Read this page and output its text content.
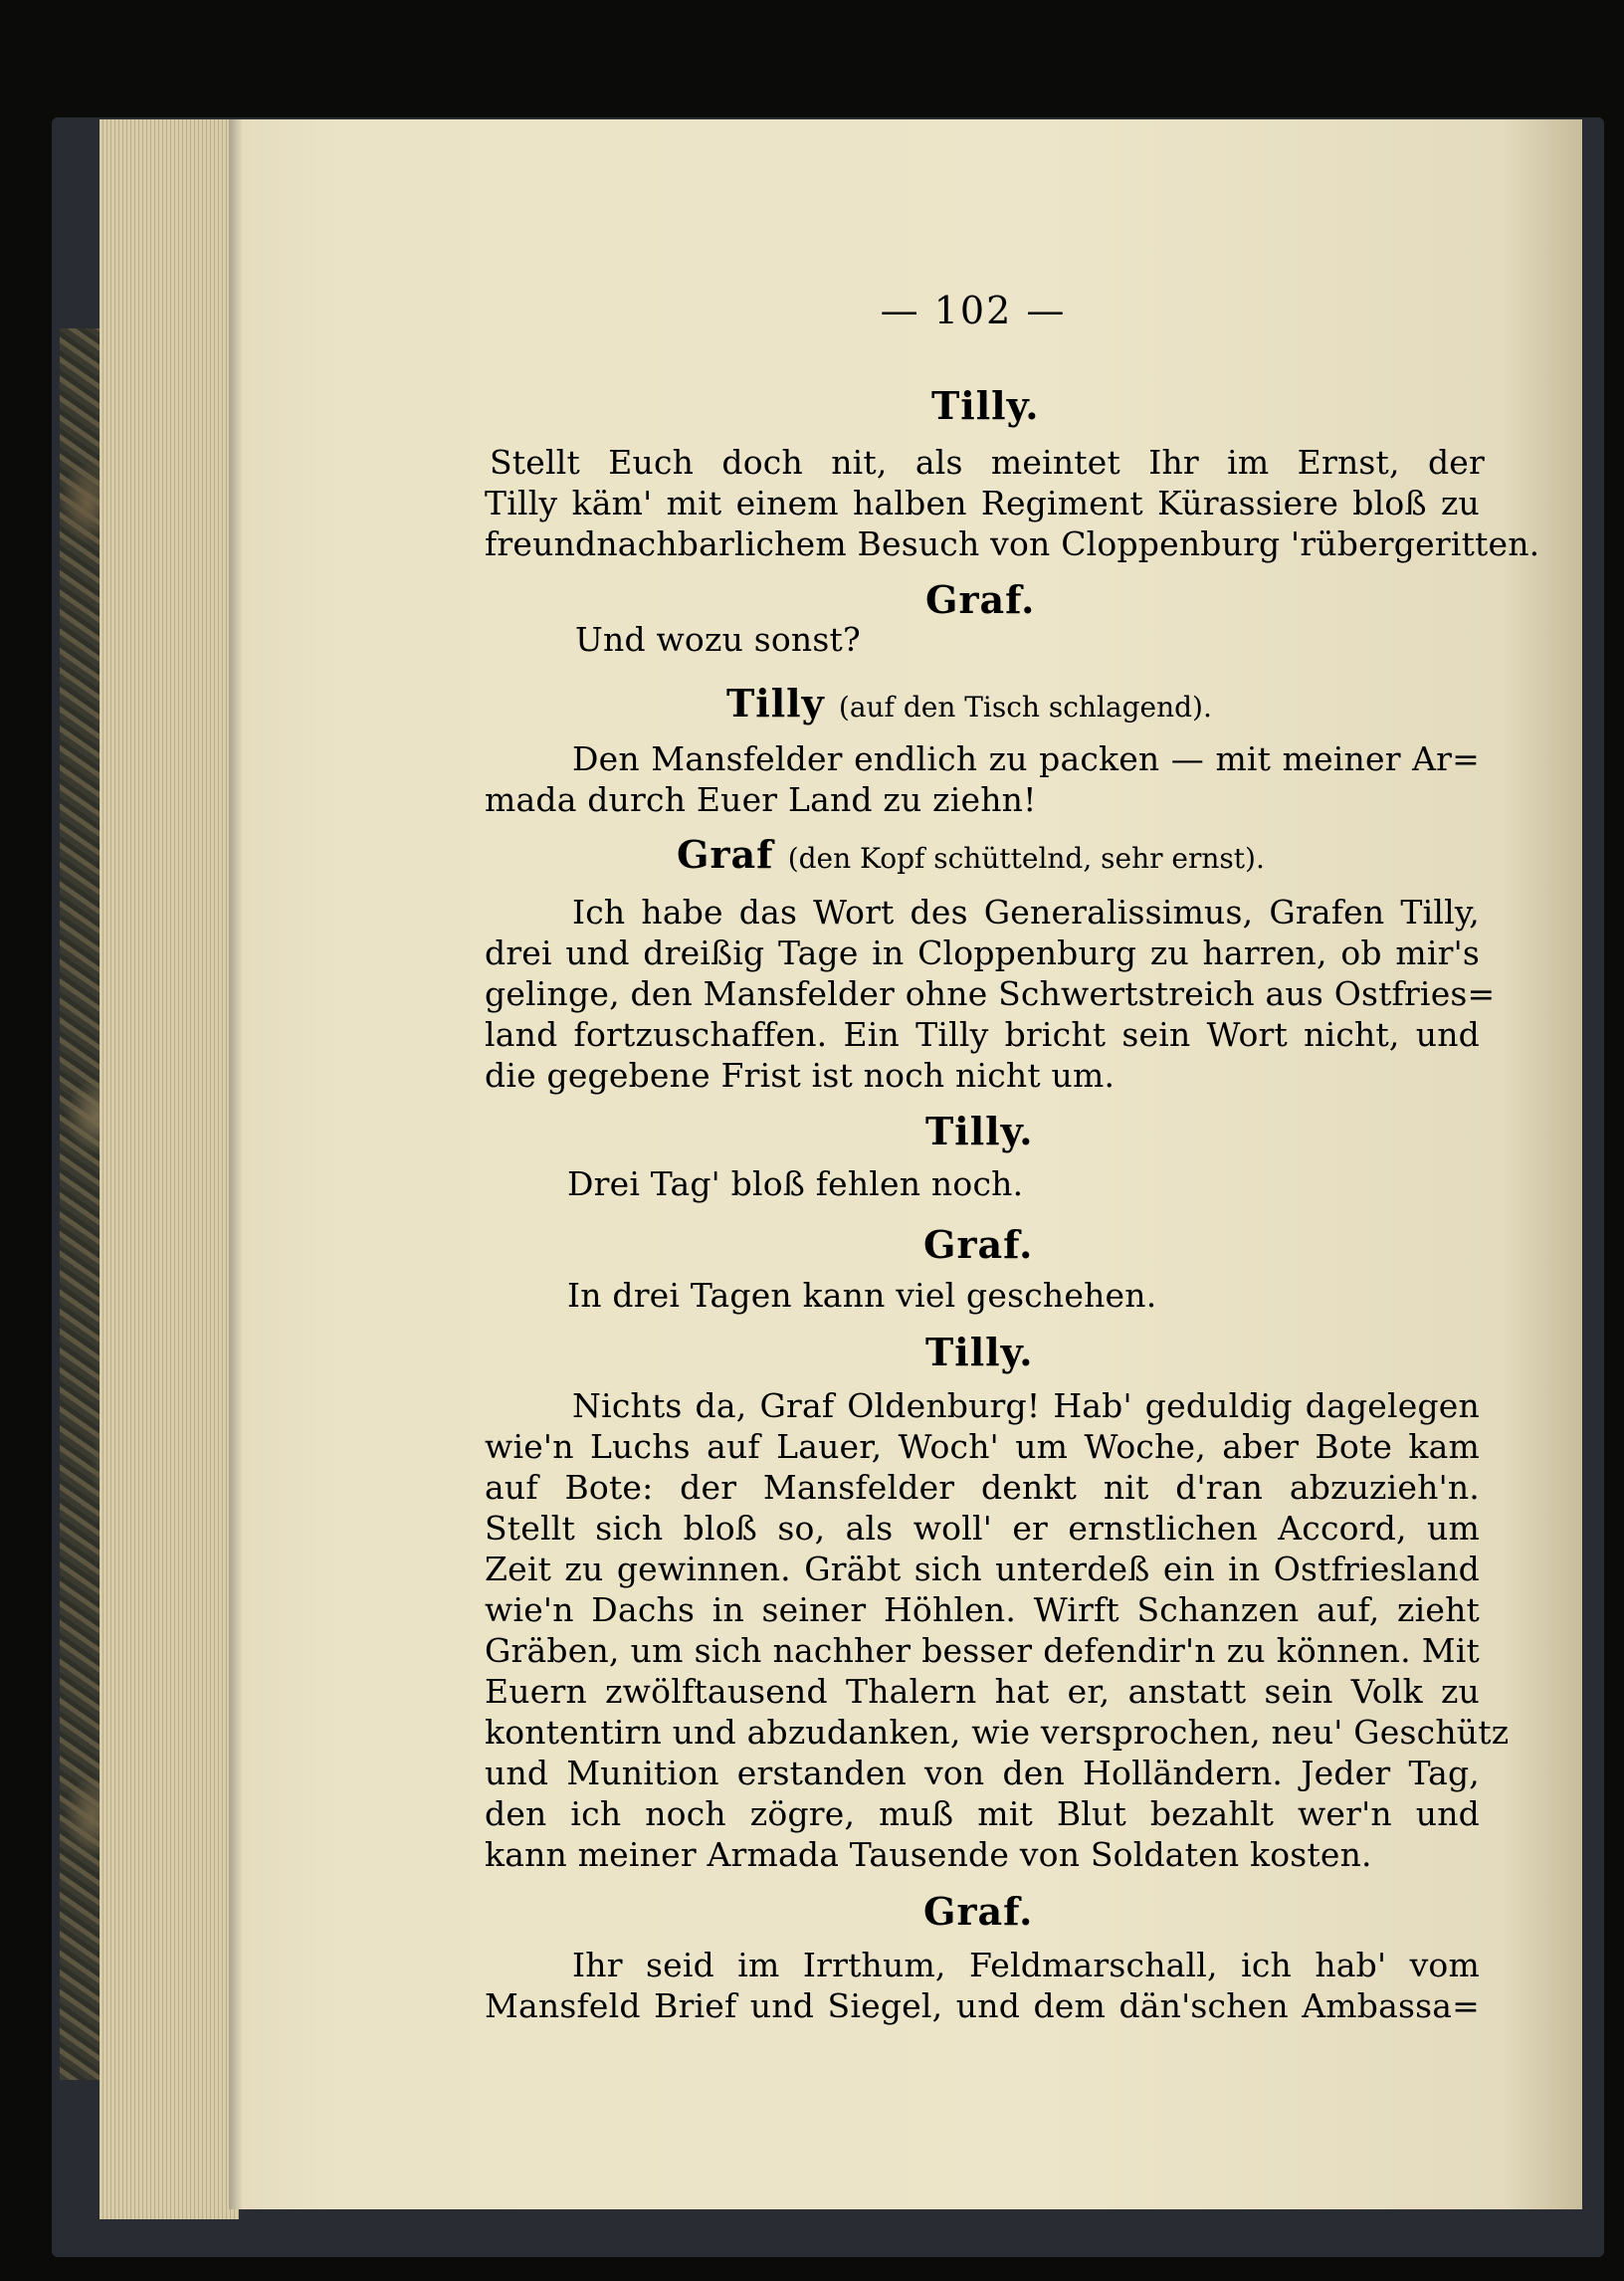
— 102 —
Tilly.
Stellt Euch doch nit, als meintet Ihr im Ernst, der
Tilly käm' mit einem halben Regiment Kürassiere bloß zu
freundnachbarlichem Besuch von Cloppenburg 'rübergeritten.
Graf.
Und wozu sonst?
Tilly (auf den Tisch schlagend).
Den Mansfelder endlich zu packen — mit meiner Ar=
mada durch Euer Land zu ziehn!
Graf (den Kopf schüttelnd, sehr ernst).
Ich habe das Wort des Generalissimus, Grafen Tilly,
drei und dreißig Tage in Cloppenburg zu harren, ob mir's
gelinge, den Mansfelder ohne Schwertstreich aus Ostfries=
land fortzuschaffen. Ein Tilly bricht sein Wort nicht, und
die gegebene Frist ist noch nicht um.
Tilly.
Drei Tag' bloß fehlen noch.
Graf.
In drei Tagen kann viel geschehen.
Tilly.
Nichts da, Graf Oldenburg! Hab' geduldig dagelegen
wie'n Luchs auf Lauer, Woch' um Woche, aber Bote kam
auf Bote: der Mansfelder denkt nit d'ran abzuzieh'n.
Stellt sich bloß so, als woll' er ernstlichen Accord, um
Zeit zu gewinnen. Gräbt sich unterdeß ein in Ostfriesland
wie'n Dachs in seiner Höhlen. Wirft Schanzen auf, zieht
Gräben, um sich nachher besser defendir'n zu können. Mit
Euern zwölftausend Thalern hat er, anstatt sein Volk zu
kontentirn und abzudanken, wie versprochen, neu' Geschütz
und Munition erstanden von den Holländern. Jeder Tag,
den ich noch zögre, muß mit Blut bezahlt wer'n und
kann meiner Armada Tausende von Soldaten kosten.
Graf.
Ihr seid im Irrthum, Feldmarschall, ich hab' vom
Mansfeld Brief und Siegel, und dem dän'schen Ambassa=
